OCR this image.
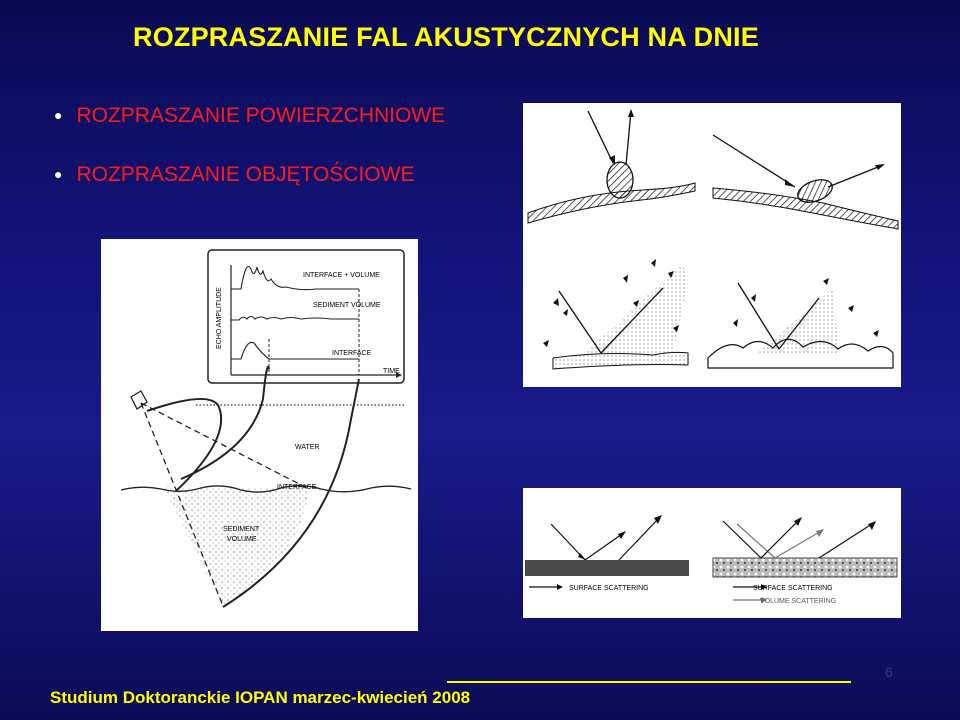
ROZPRASZANIE FAL AKUSTYCZNYCH NA DNIE
● ROZPRASZANIE POWIERZCHNIOWE
● ROZPRASZANIE OBJĘTOŚCIOWE
ECHO AMPLITUDE
TIME
INTERFACE + VOLUME
SEDIMENT VOLUME
INTERFACE
WATER
INTERFACE
SEDIMENT
VOLUME
SURFACE SCATTERING	SURFACE SCATTERING
VOLUME SCATTERING
6
Studium Doktoranckie IOPAN marzec-kwiecień 2008
